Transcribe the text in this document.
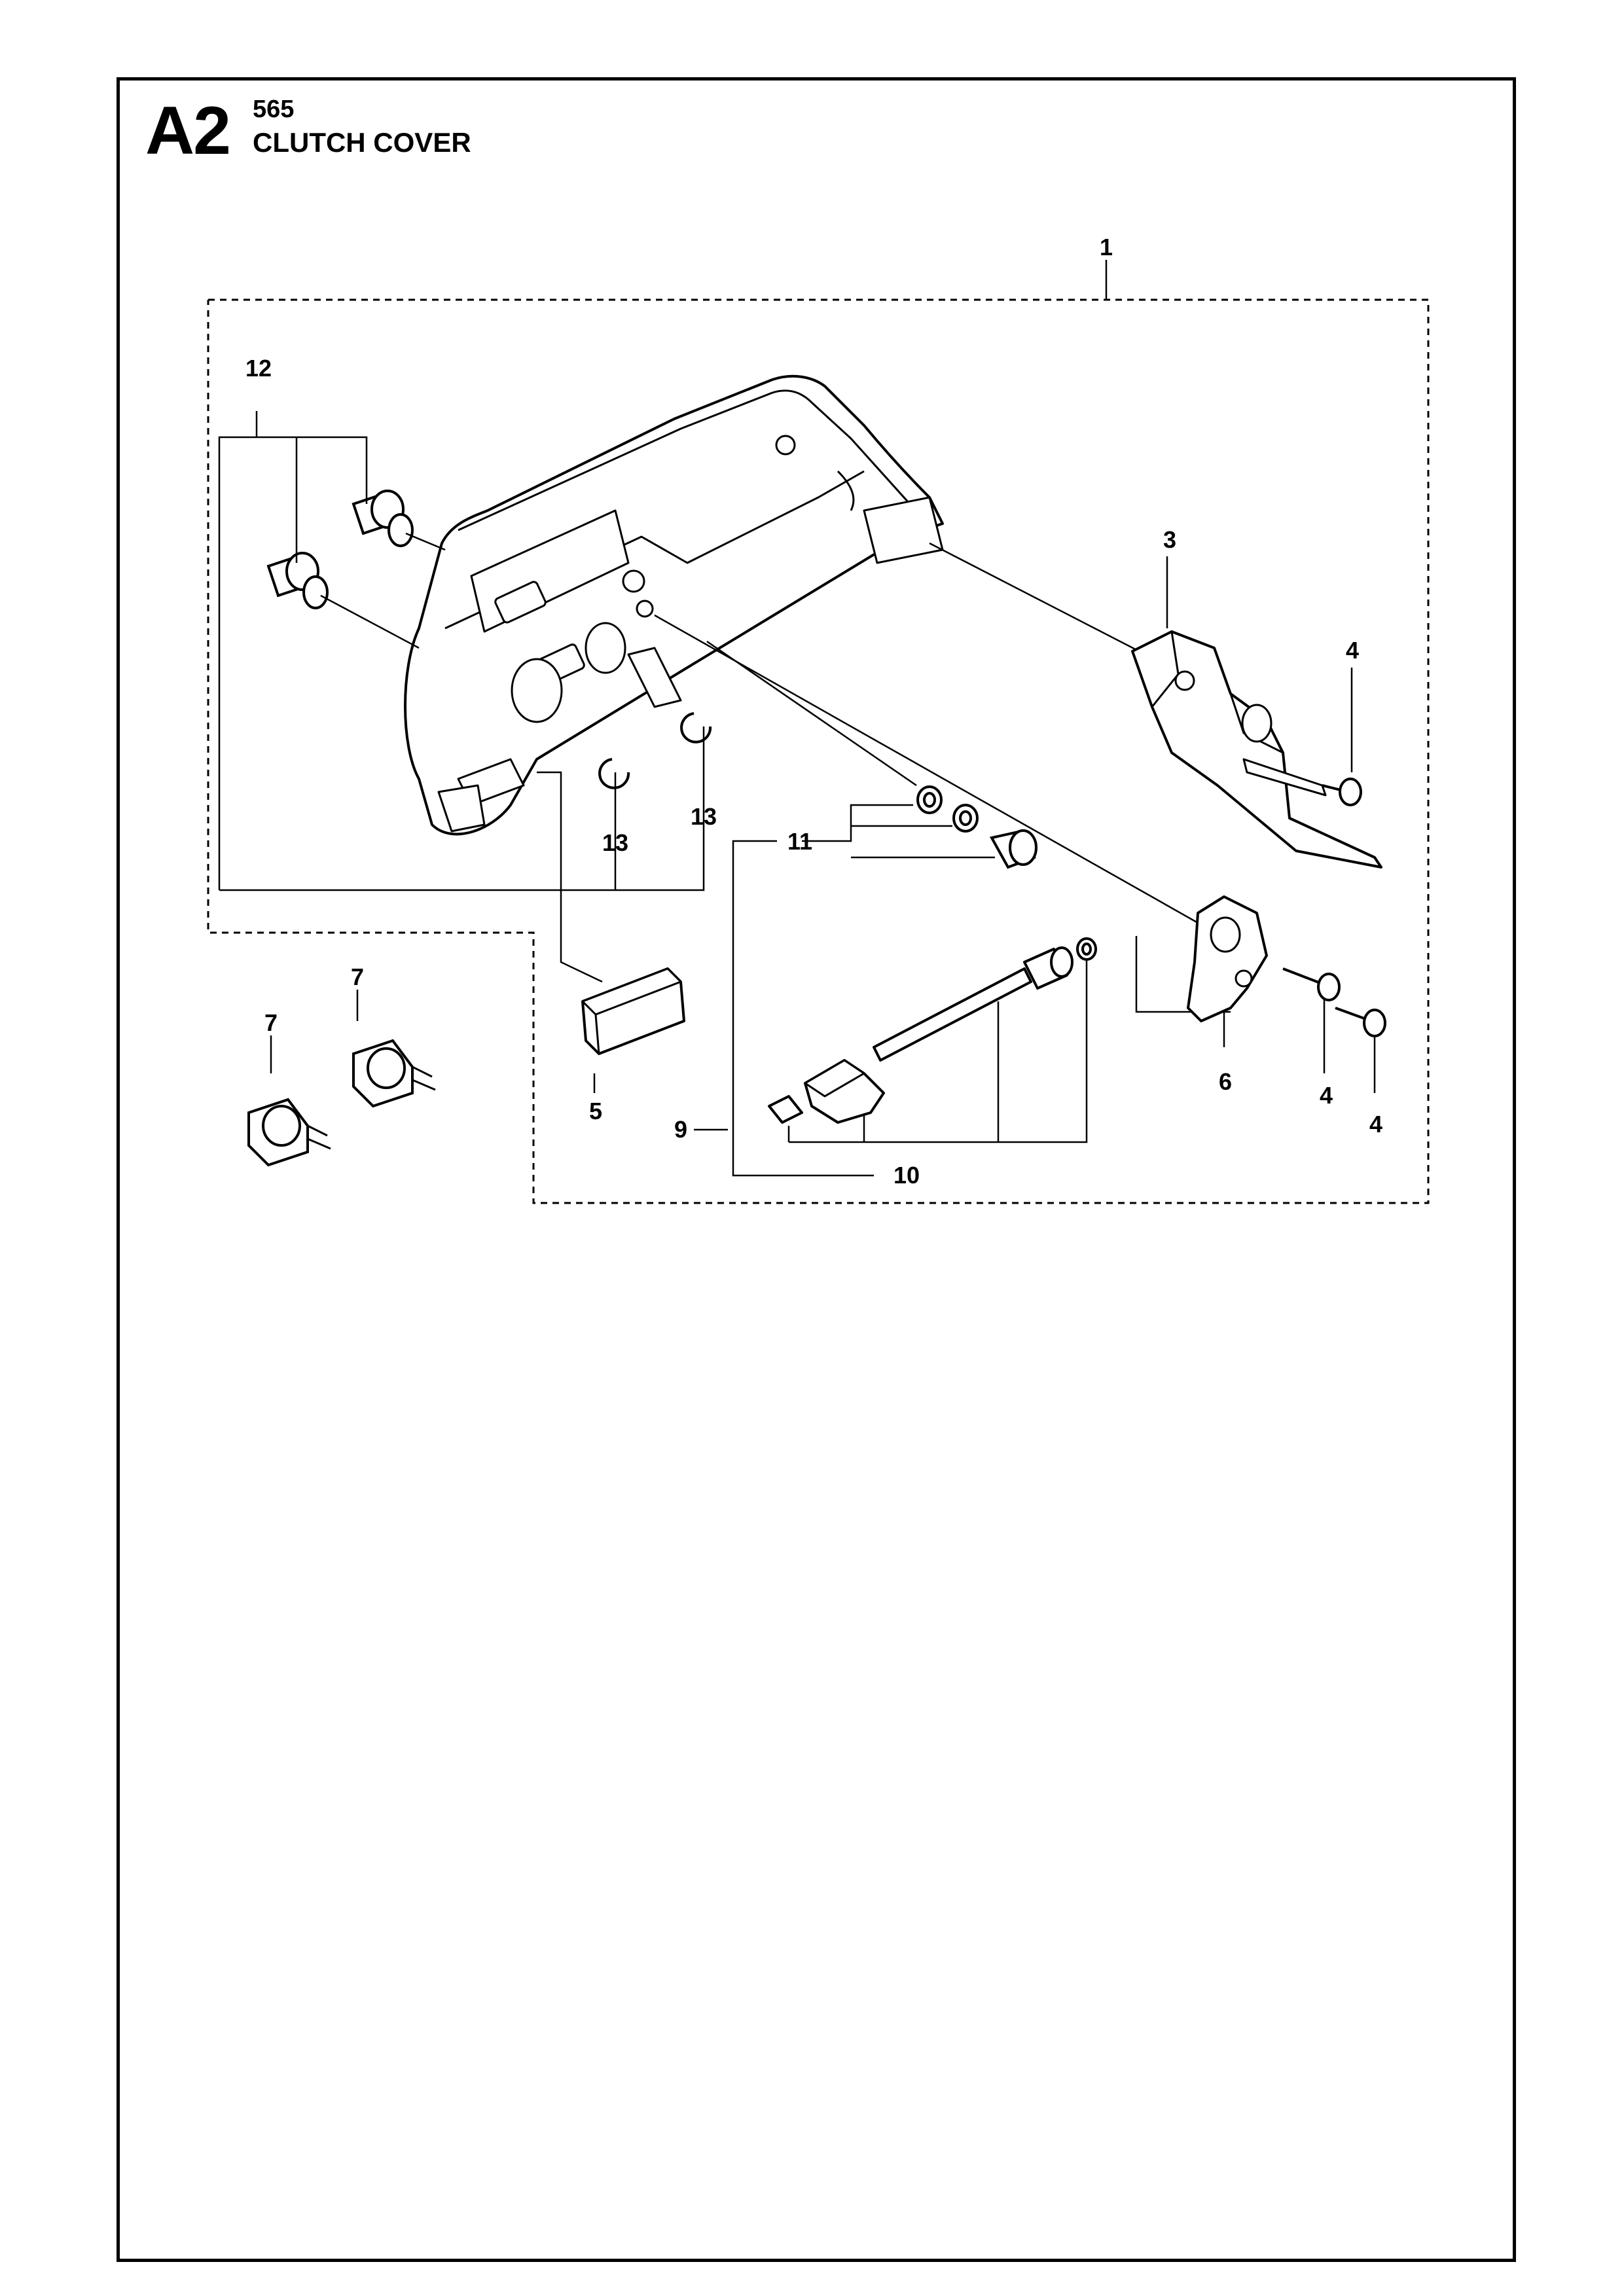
A2 565
CLUTCH COVER
1
12
3
4
13
13	11
7
7
5
6
4
4
9
10
